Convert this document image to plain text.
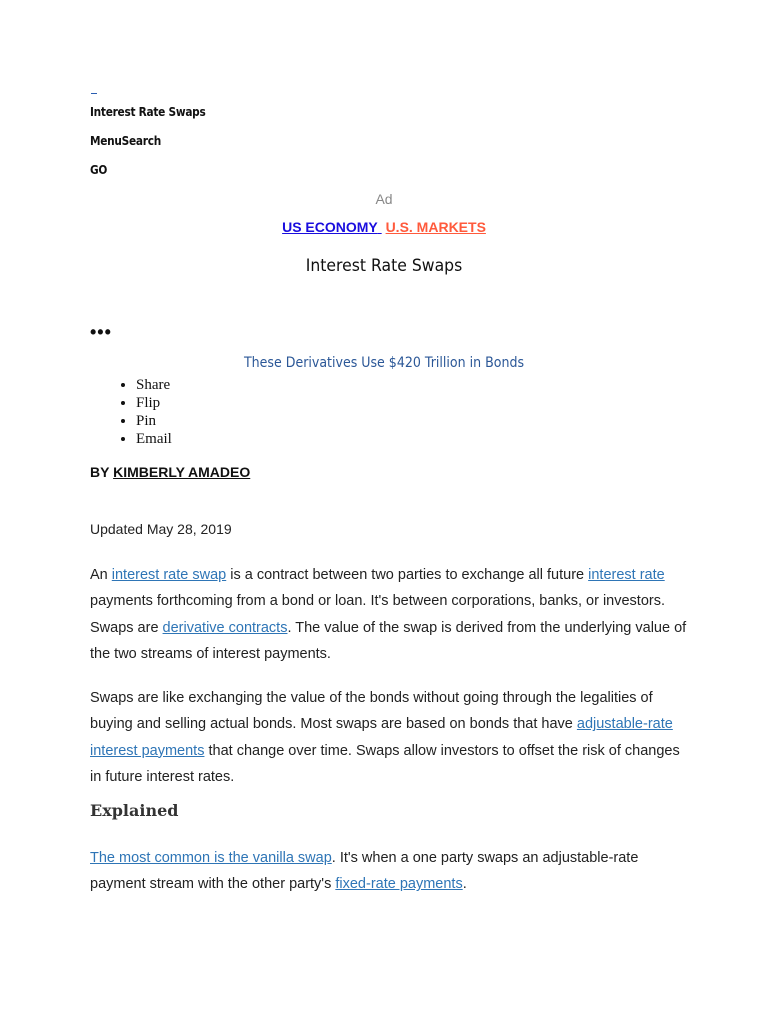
Interest Rate Swaps
MenuSearch
GO
Ad
US ECONOMY U.S. MARKETS
Interest Rate Swaps
•••
These Derivatives Use $420 Trillion in Bonds
• Share
• Flip
• Pin
• Email
BY KIMBERLY AMADEO
Updated May 28, 2019

An interest rate swap is a contract between two parties to exchange all future interest rate payments forthcoming from a bond or loan. It's between corporations, banks, or investors. Swaps are derivative contracts. The value of the swap is derived from the underlying value of the two streams of interest payments.

Swaps are like exchanging the value of the bonds without going through the legalities of buying and selling actual bonds. Most swaps are based on bonds that have adjustable-rate interest payments that change over time. Swaps allow investors to offset the risk of changes in future interest rates.

Explained

The most common is the vanilla swap. It's when a one party swaps an adjustable-rate payment stream with the other party's fixed-rate payments.
